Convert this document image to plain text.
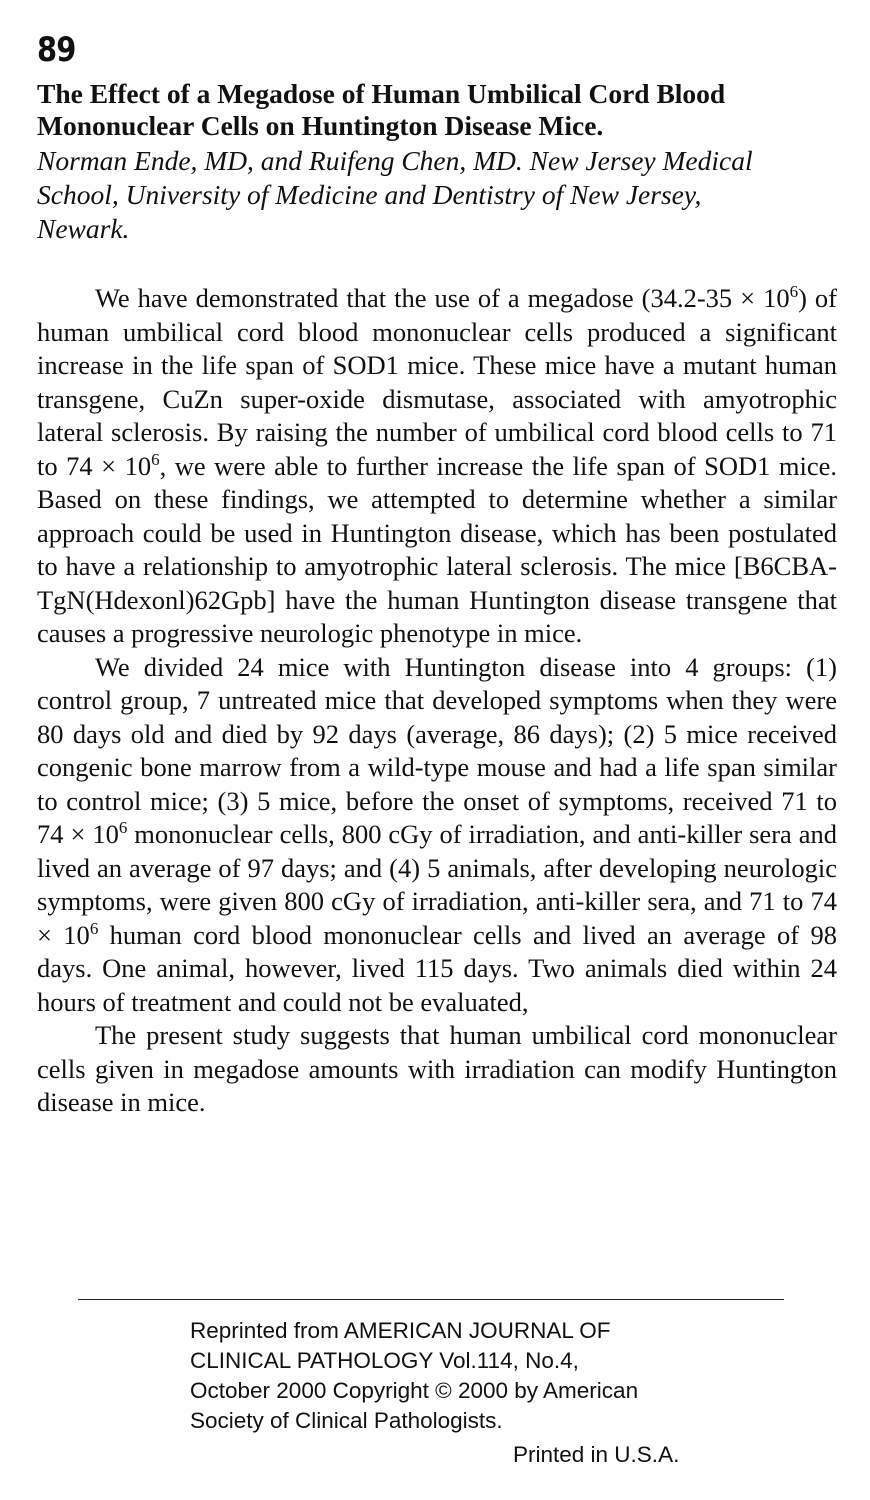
89
The Effect of a Megadose of Human Umbilical Cord Blood
Mononuclear Cells on Huntington Disease Mice.
Norman Ende, MD, and Ruifeng Chen, MD. New Jersey Medical
School, University of Medicine and Dentistry of New Jersey,
Newark.

We have demonstrated that the use of a megadose $(34.2-35 \times 10^6)$ of human umbilical cord blood mononuclear cells produced a significant increase in the life span of SOD1 mice. These mice have a mutant human transgene, CuZn super-oxide dismutase, associated with amyotrophic lateral sclerosis. By raising the number of umbilical cord blood cells to 71 to $74 \times 10^6$, we were able to further increase the life span of SOD1 mice. Based on these findings, we attempted to determine whether a similar approach could be used in Huntington disease, which has been postulated to have a relationship to amyotrophic lateral sclerosis. The mice [B6CBA-TgN(Hdexonl)62Gpb] have the human Huntington disease transgene that causes a progressive neurologic phenotype in mice.

We divided 24 mice with Huntington disease into 4 groups: (1) control group, 7 untreated mice that developed symptoms when they were 80 days old and died by 92 days (average, 86 days); (2) 5 mice received congenic bone marrow from a wild-type mouse and had a life span similar to control mice; (3) 5 mice, before the onset of symptoms, received 71 to $74 \times 10^6$ mononuclear cells, 800 cGy of irradiation, and anti-killer sera and lived an average of 97 days; and (4) 5 animals, after developing neurologic symptoms, were given 800 cGy of irradiation, anti-killer sera, and 71 to $74 \times 10^6$ human cord blood mononuclear cells and lived an average of 98 days. One animal, however, lived 115 days. Two animals died within 24 hours of treatment and could not be evaluated,

The present study suggests that human umbilical cord mononuclear cells given in megadose amounts with irradiation can modify Huntington disease in mice.

Reprinted from AMERICAN JOURNAL OF
CLINICAL PATHOLOGY Vol.114, No.4,
October 2000 Copyright © 2000 by American
Society of Clinical Pathologists.
Printed in U.S.A.
